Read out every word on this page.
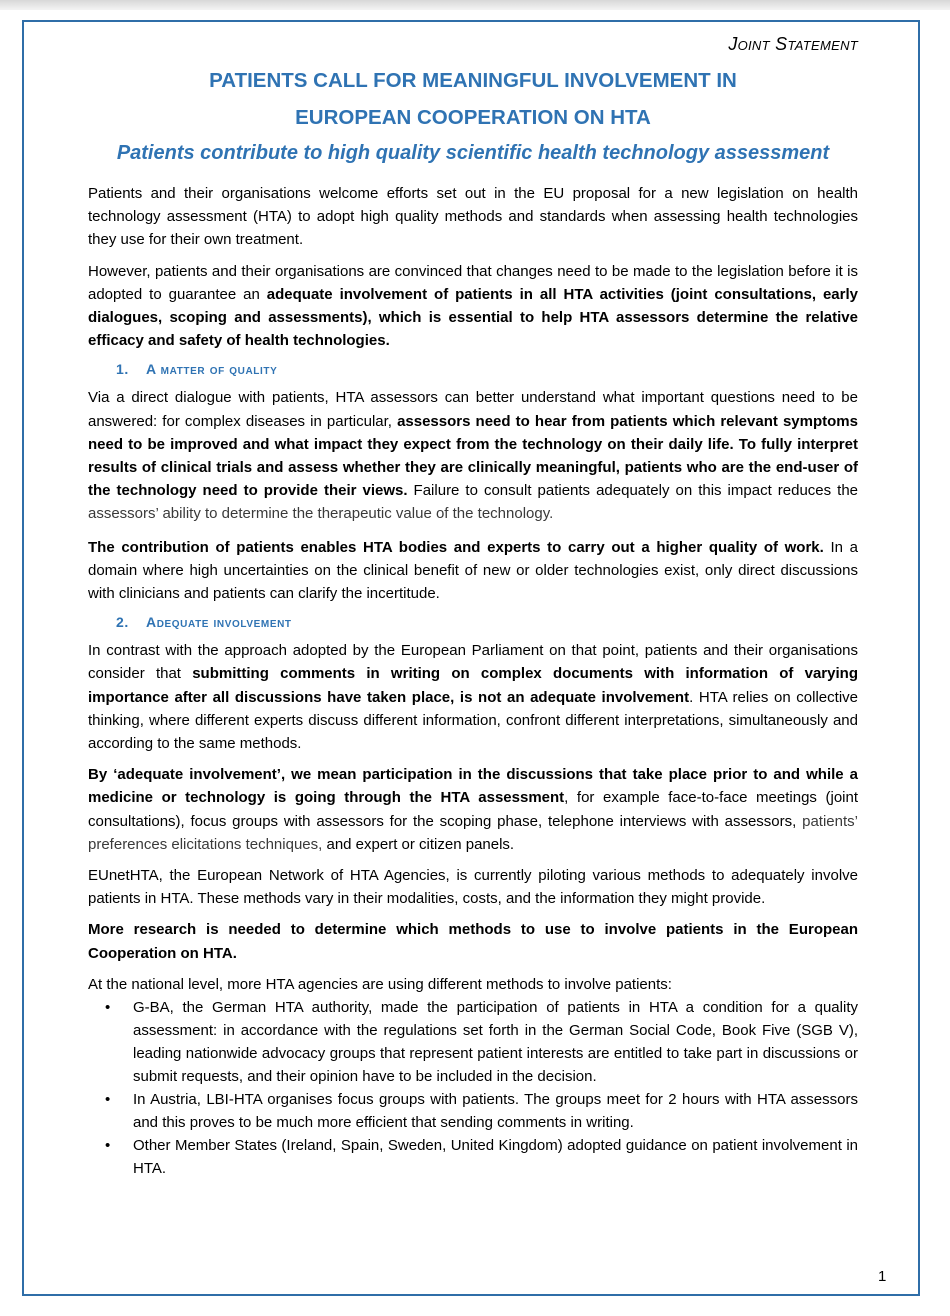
Joint Statement
PATIENTS CALL FOR MEANINGFUL INVOLVEMENT IN
EUROPEAN COOPERATION ON HTA
Patients contribute to high quality scientific health technology assessment

Patients and their organisations welcome efforts set out in the EU proposal for a new legislation on health technology assessment (HTA) to adopt high quality methods and standards when assessing health technologies they use for their own treatment.

However, patients and their organisations are convinced that changes need to be made to the legislation before it is adopted to guarantee an adequate involvement of patients in all HTA activities (joint consultations, early dialogues, scoping and assessments), which is essential to help HTA assessors determine the relative efficacy and safety of health technologies.

1. A matter of quality

Via a direct dialogue with patients, HTA assessors can better understand what important questions need to be answered: for complex diseases in particular, assessors need to hear from patients which relevant symptoms need to be improved and what impact they expect from the technology on their daily life. To fully interpret results of clinical trials and assess whether they are clinically meaningful, patients who are the end-user of the technology need to provide their views. Failure to consult patients adequately on this impact reduces the assessors’ ability to determine the therapeutic value of the technology.

The contribution of patients enables HTA bodies and experts to carry out a higher quality of work. In a domain where high uncertainties on the clinical benefit of new or older technologies exist, only direct discussions with clinicians and patients can clarify the incertitude.

2. Adequate involvement

In contrast with the approach adopted by the European Parliament on that point, patients and their organisations consider that submitting comments in writing on complex documents with information of varying importance after all discussions have taken place, is not an adequate involvement. HTA relies on collective thinking, where different experts discuss different information, confront different interpretations, simultaneously and according to the same methods.

By ‘adequate involvement’, we mean participation in the discussions that take place prior to and while a medicine or technology is going through the HTA assessment, for example face-to-face meetings (joint consultations), focus groups with assessors for the scoping phase, telephone interviews with assessors, patients’ preferences elicitations techniques, and expert or citizen panels.

EUnetHTA, the European Network of HTA Agencies, is currently piloting various methods to adequately involve patients in HTA. These methods vary in their modalities, costs, and the information they might provide.

More research is needed to determine which methods to use to involve patients in the European Cooperation on HTA.

At the national level, more HTA agencies are using different methods to involve patients:

• G-BA, the German HTA authority, made the participation of patients in HTA a condition for a quality assessment: in accordance with the regulations set forth in the German Social Code, Book Five (SGB V), leading nationwide advocacy groups that represent patient interests are entitled to take part in discussions or submit requests, and their opinion have to be included in the decision.
• In Austria, LBI-HTA organises focus groups with patients. The groups meet for 2 hours with HTA assessors and this proves to be much more efficient that sending comments in writing.
• Other Member States (Ireland, Spain, Sweden, United Kingdom) adopted guidance on patient involvement in HTA.
1
